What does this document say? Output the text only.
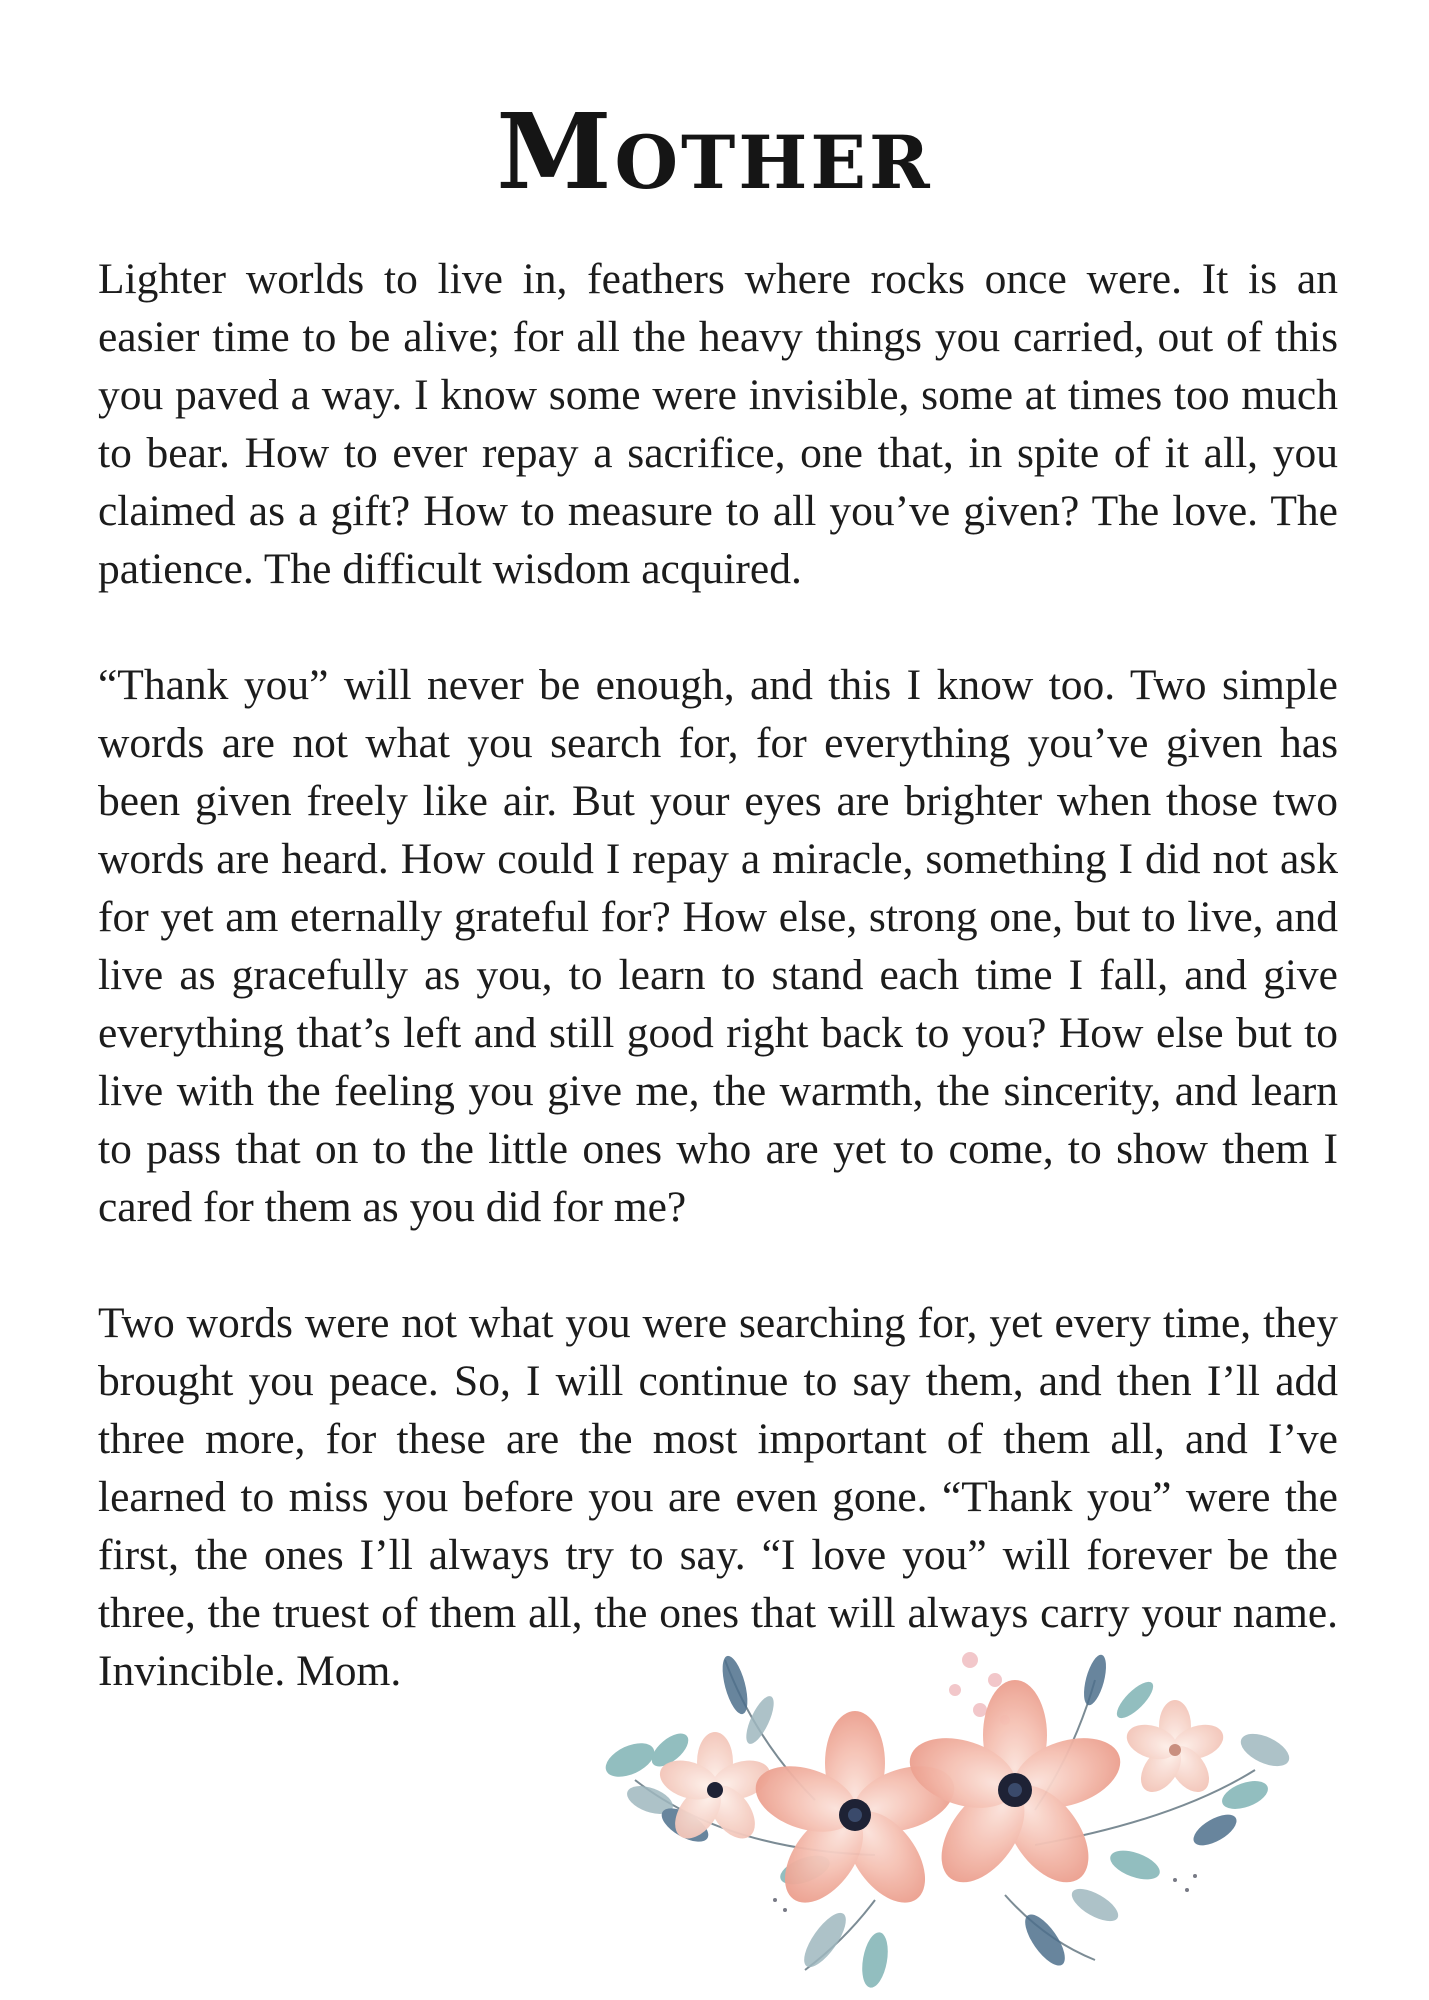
Mother

Lighter worlds to live in, feathers where rocks once were. It is an easier time to be alive; for all the heavy things you carried, out of this you paved a way. I know some were invisible, some at times too much to bear. How to ever repay a sacrifice, one that, in spite of it all, you claimed as a gift? How to measure to all you’ve given? The love. The patience. The difficult wisdom acquired.

“Thank you” will never be enough, and this I know too. Two simple words are not what you search for, for everything you’ve given has been given freely like air. But your eyes are brighter when those two words are heard. How could I repay a miracle, something I did not ask for yet am eternally grateful for? How else, strong one, but to live, and live as gracefully as you, to learn to stand each time I fall, and give everything that’s left and still good right back to you? How else but to live with the feeling you give me, the warmth, the sincerity, and learn to pass that on to the little ones who are yet to come, to show them I cared for them as you did for me?

Two words were not what you were searching for, yet every time, they brought you peace. So, I will continue to say them, and then I’ll add three more, for these are the most important of them all, and I’ve learned to miss you before you are even gone. “Thank you” were the first, the ones I’ll always try to say. “I love you” will forever be the three, the truest of them all, the ones that will always carry your name. Invincible. Mom.
